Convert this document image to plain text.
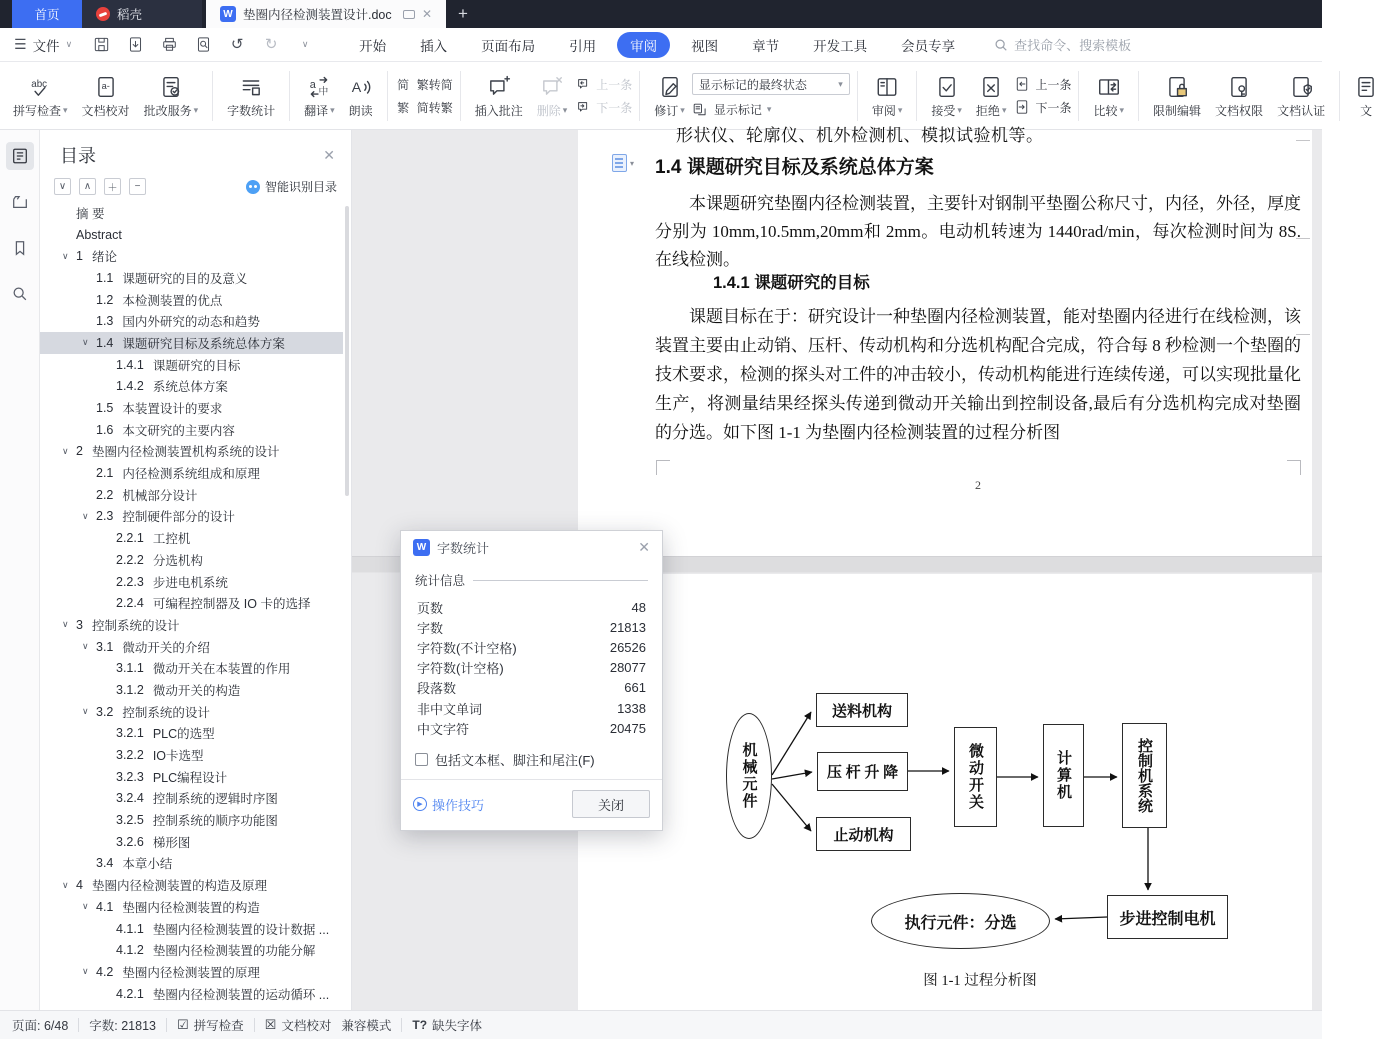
首页	稻壳	W 垫圈内径检测装置设计.doc	✕ +
☰ 文件 ∨	↺ ↻	∨	开始	插入	页面布局	引用	审阅	视图	章节	开发工具	会员专享	查找命令、搜索模板
abc
拼写检查 ▾
a-
文档校对 批改服务 ▾ 字数统计
a
中
翻译 ▾
A
朗读
简 繁转简
繁 简转繁 插入批注 删除 ▾
上一条
下一条 修订 ▾
显示标记的最终状态	▾
显示标记 ▾	审阅 ▾ 接受 ▾ 拒绝 ▾
上一条
下一条 比较 ▾ 限制编辑 文档权限 文档认证	文
目录	✕
∨	∧	＋	−	智能识别目录
摘 要
Abstract
∨ 1 绪论
1.1 课题研究的目的及意义
1.2 本检测装置的优点
1.3 国内外研究的动态和趋势
∨ 1.4 课题研究目标及系统总体方案
1.4.1 课题研究的目标
1.4.2 系统总体方案
1.5 本装置设计的要求
1.6 本文研究的主要内容
∨ 2 垫圈内径检测装置机构系统的设计
2.1 内径检测系统组成和原理
2.2 机械部分设计
∨ 2.3 控制硬件部分的设计
2.2.1 工控机
2.2.2 分选机构
2.2.3 步进电机系统
2.2.4 可编程控制器及 IO 卡的选择
∨ 3 控制系统的设计
∨ 3.1 微动开关的介绍
3.1.1 微动开关在本装置的作用
3.1.2 微动开关的构造
∨ 3.2 控制系统的设计
3.2.1 PLC的选型
3.2.2 IO卡选型
3.2.3 PLC编程设计
3.2.4 控制系统的逻辑时序图
3.2.5 控制系统的顺序功能图
3.2.6 梯形图
3.4 本章小结
∨ 4 垫圈内径检测装置的构造及原理
∨ 4.1 垫圈内径检测装置的构造
4.1.1 垫圈内径检测装置的设计数据 ...
4.1.2 垫圈内径检测装置的功能分解
∨ 4.2 垫圈内径检测装置的原理
4.2.1 垫圈内径检测装置的运动循环 ...
形状仪、轮廓仪、机外检测机、模拟试验机等。
1.4 课题研究目标及系统总体方案
本课题研究垫圈内径检测装置，主要针对钢制平垫圈公称尺寸，内径，外径，厚度分别为 10mm,10.5mm,20mm和 2mm。电动机转速为 1440rad/min，每次检测时间为 8S.在线检测。
1.4.1 课题研究的目标
课题目标在于：研究设计一种垫圈内径检测装置，能对垫圈内径进行在线检测，该装置主要由止动销、压杆、传动机构和分选机构配合完成，符合每 8 秒检测一个垫圈的技术要求，检测的探头对工件的冲击较小，传动机构能进行连续传递，可以实现批量化生产，将测量结果经探头传递到微动开关输出到控制设备,最后有分选机构完成对垫圈的分选。如下图 1-1 为垫圈内径检测装置的过程分析图
2
▾
机械元件
送料机构
压 杆 升 降
止动机构
微动开关	计算机	控制机系统
步进控制电机
执行元件：分选
图 1-1 过程分析图
W 字数统计	✕
统计信息
页数	48
字数	21813
字符数(不计空格)	26526
字符数(计空格)	28077
段落数	661
非中文单词	1338
中文字符	20475
包括文本框、脚注和尾注(F)
▶ 操作技巧	关闭
页面: 6/48 字数: 21813 ☑ 拼写检查 ☒ 文档校对 兼容模式 T? 缺失字体
